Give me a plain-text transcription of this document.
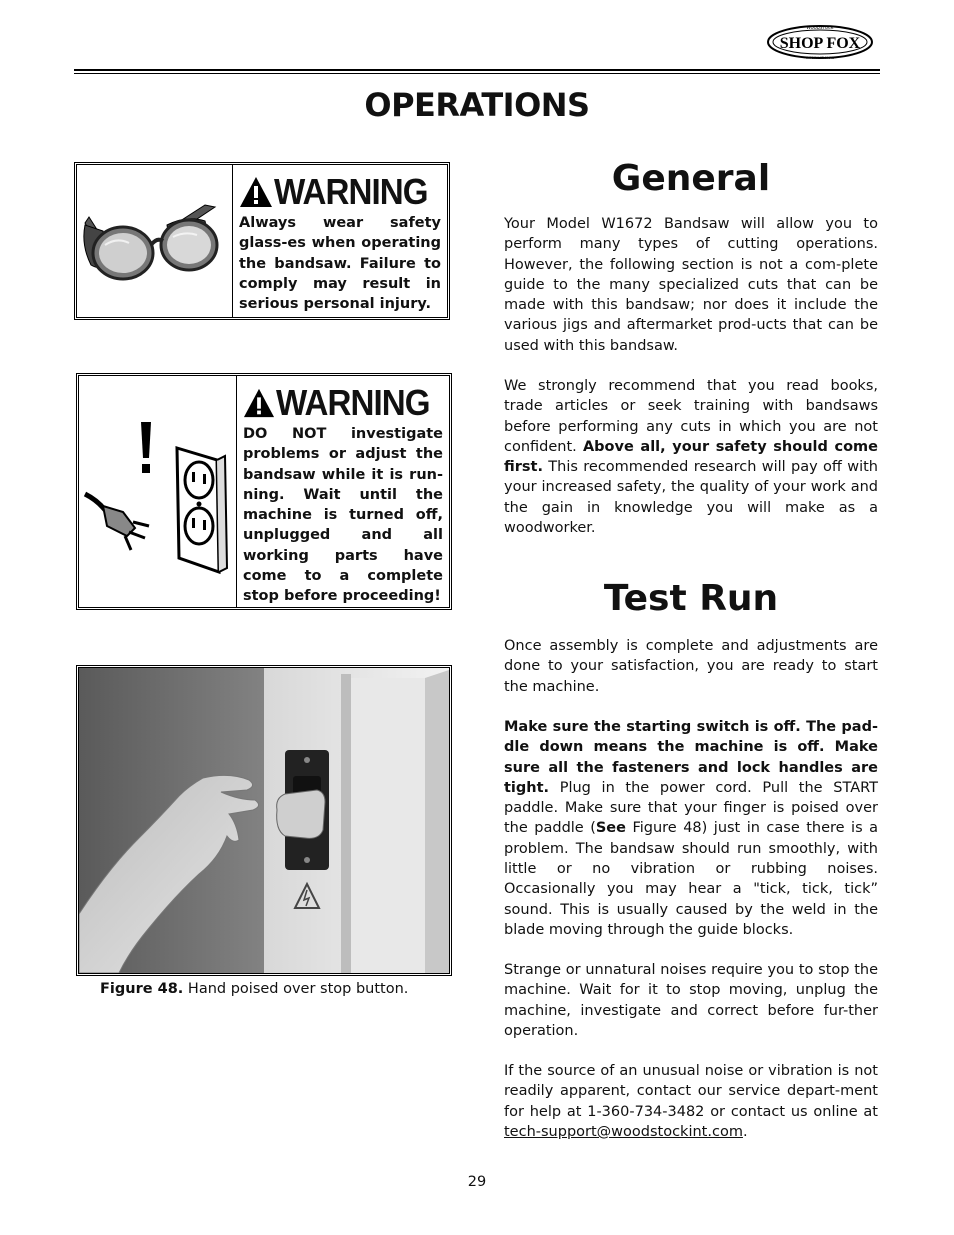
SHOP FOX
WOODSTOCK
INTERNATIONAL
OPERATIONS
WARNING
Always wear safety glass-es when operating the bandsaw. Failure to comply may result in serious personal injury.
WARNING
DO NOT investigate problems or adjust the bandsaw while it is run-ning. Wait until the machine is turned off, unplugged and all working parts have come to a complete stop before proceeding!
Figure 48. Hand poised over stop button.
General
Your Model W1672 Bandsaw will allow you to perform many types of cutting operations. However, the following section is not a com-plete guide to the many specialized cuts that can be made with this bandsaw; nor does it include the various jigs and aftermarket prod-ucts that can be used with this bandsaw.
We strongly recommend that you read books, trade articles or seek training with bandsaws before performing any cuts in which you are not confident. Above all, your safety should come first. This recommended research will pay off with your increased safety, the quality of your work and the gain in knowledge you will make as a woodworker.
Test Run
Once assembly is complete and adjustments are done to your satisfaction, you are ready to start the machine.
Make sure the starting switch is off. The pad-dle down means the machine is off. Make sure all the fasteners and lock handles are tight. Plug in the power cord. Pull the START paddle. Make sure that your finger is poised over the paddle (See Figure 48) just in case there is a problem. The bandsaw should run smoothly, with little or no vibration or rubbing noises. Occasionally you may hear a "tick, tick, tick” sound. This is usually caused by the weld in the blade moving through the guide blocks.
Strange or unnatural noises require you to stop the machine. Wait for it to stop moving, unplug the machine, investigate and correct before fur-ther operation.
If the source of an unusual noise or vibration is not readily apparent, contact our service depart-ment for help at 1-360-734-3482 or contact us online at tech-support@woodstockint.com.
29
